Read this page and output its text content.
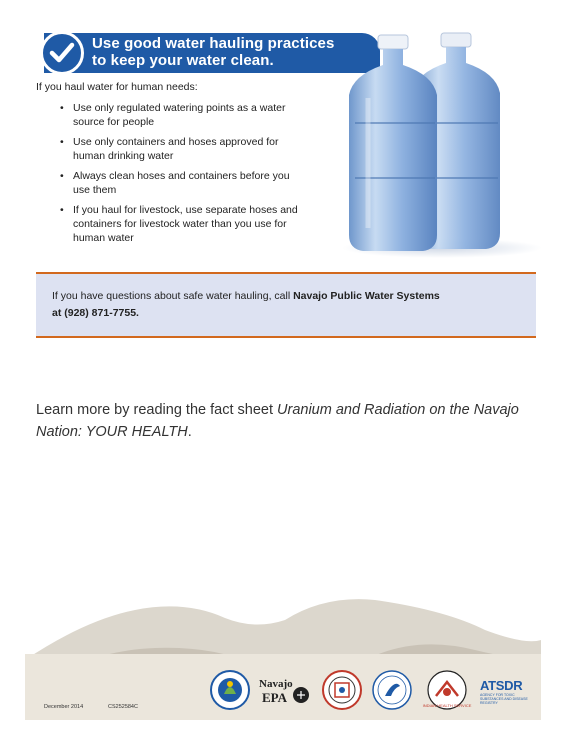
Use good water hauling practices
to keep your water clean.
If you haul water for human needs:
• Use only regulated watering points as a water source for people
• Use only containers and hoses approved for human drinking water
• Always clean hoses and containers before you use them
• If you haul for livestock, use separate hoses and containers for livestock water than you use for human water
If you have questions about safe water hauling, call Navajo Public Water Systems
at (928) 871-7755.
Learn more by reading the fact sheet Uranium and Radiation on the Navajo Nation: YOUR HEALTH.
December 2014	CS252584C
Navajo
EPA
INDIAN HEALTH SERVICE
ATSDR
AGENCY FOR TOXIC SUBSTANCES AND DISEASE REGISTRY
